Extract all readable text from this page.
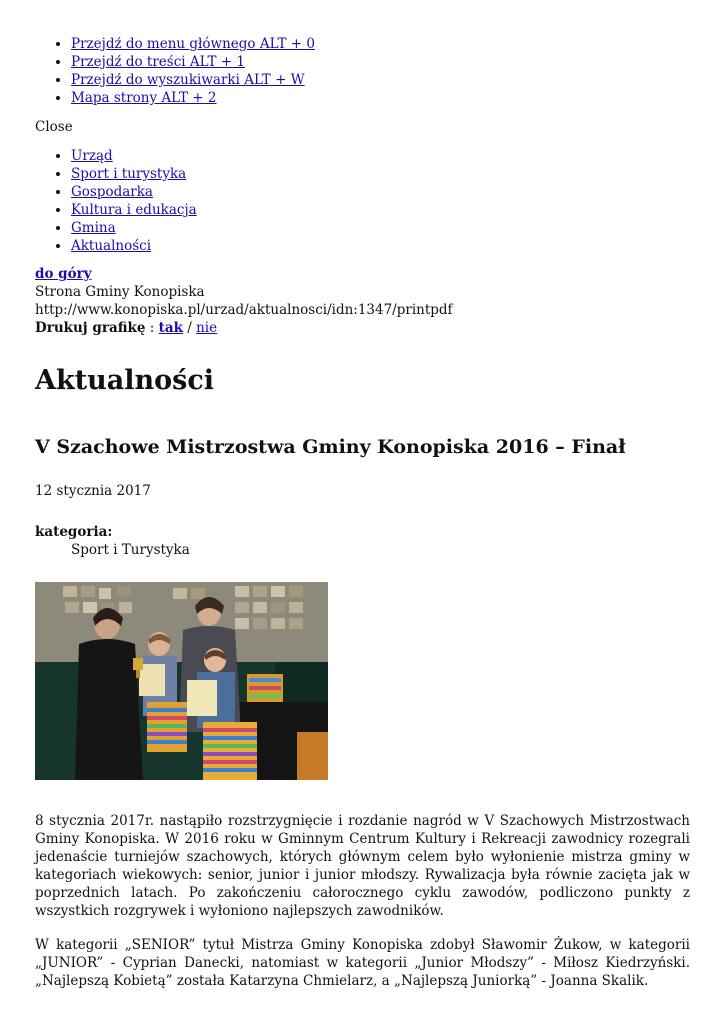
• Przejdź do menu głównego ALT + 0
• Przejdź do treści ALT + 1
• Przejdź do wyszukiwarki ALT + W
• Mapa strony ALT + 2
Close
• Urząd
• Sport i turystyka
• Gospodarka
• Kultura i edukacja
• Gmina
• Aktualności
do góry
Strona Gminy Konopiska
http://www.konopiska.pl/urzad/aktualnosci/idn:1347/printpdf
Drukuj grafikę : tak / nie
Aktualności
V Szachowe Mistrzostwa Gminy Konopiska 2016 – Finał
12 stycznia 2017
kategoria:
Sport i Turystyka

8 stycznia 2017r. nastąpiło rozstrzygnięcie i rozdanie nagród w V Szachowych Mistrzostwach Gminy Konopiska. W 2016 roku w Gminnym Centrum Kultury i Rekreacji zawodnicy rozegrali jedenaście turniejów szachowych, których głównym celem było wyłonienie mistrza gminy w kategoriach wiekowych: senior, junior i junior młodszy. Rywalizacja była równie zacięta jak w poprzednich latach. Po zakończeniu całorocznego cyklu zawodów, podliczono punkty z wszystkich rozgrywek i wyłoniono najlepszych zawodników.

W kategorii „SENIOR” tytuł Mistrza Gminy Konopiska zdobył Sławomir Żukow, w kategorii „JUNIOR” - Cyprian Danecki, natomiast w kategorii „Junior Młodszy” - Miłosz Kiedrzyński. „Najlepszą Kobietą” została Katarzyna Chmielarz, a „Najlepszą Juniorką” - Joanna Skalik.
